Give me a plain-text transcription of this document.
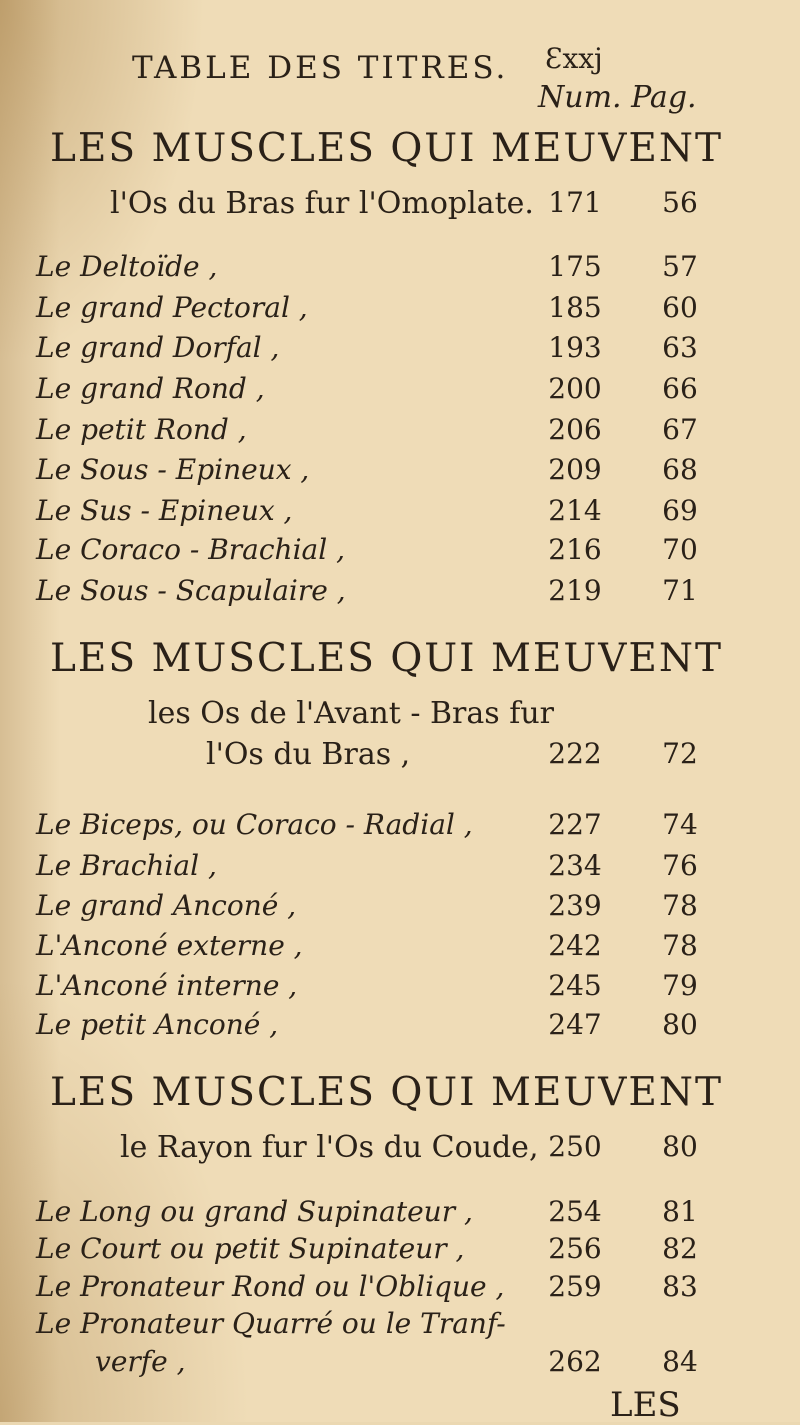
TABLE DES TITRES. Ɛxxj
Num. Pag.
LES MUSCLES QUI MEUVENT
l'Os du Bras fur l'Omoplate. 171 56
Le Deltoïde ,	175 57
Le grand Pectoral ,	185 60
Le grand Dorfal ,	193 63
Le grand Rond ,	200 66
Le petit Rond ,	206 67
Le Sous - Epineux ,	209 68
Le Sus - Epineux ,	214 69
Le Coraco - Brachial ,	216 70
Le Sous - Scapulaire ,	219 71
LES MUSCLES QUI MEUVENT
les Os de l'Avant - Bras fur
l'Os du Bras ,	222 72
Le Biceps, ou Coraco - Radial ,	227 74
Le Brachial ,	234 76
Le grand Anconé ,	239 78
L'Anconé externe ,	242 78
L'Anconé interne ,	245 79
Le petit Anconé ,	247 80
LES MUSCLES QUI MEUVENT
le Rayon fur l'Os du Coude, 250 80
Le Long ou grand Supinateur ,	254 81
Le Court ou petit Supinateur ,	256 82
Le Pronateur Rond ou l'Oblique , 259 83
Le Pronateur Quarré ou le Tranf-
verfe ,	262 84
LES
